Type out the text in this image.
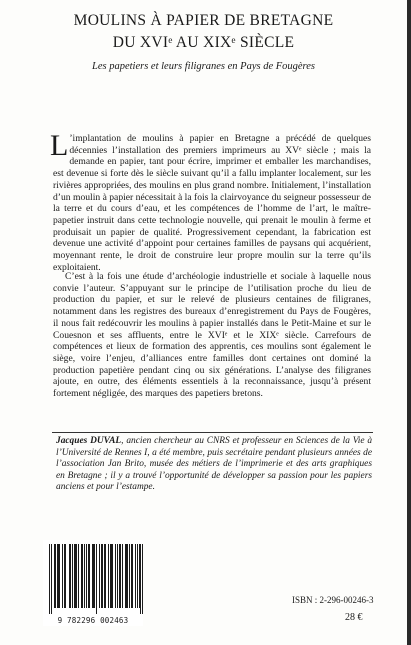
MOULINS À PAPIER DE BRETAGNE
DU XVIᵉ AU XIXᵉ SIÈCLE
Les papetiers et leurs filigranes en Pays de Fougères
L ’implantation de moulins à papier en Bretagne a précédé de quelques décennies l’installation des premiers imprimeurs au XVᵉ siècle ; mais la demande en papier, tant pour écrire, imprimer et emballer les marchandises, est devenue si forte dès le siècle suivant qu’il a fallu implanter localement, sur les rivières appropriées, des moulins en plus grand nombre. Initialement, l’installation d’un moulin à papier nécessitait à la fois la clairvoyance du seigneur possesseur de la terre et du cours d’eau, et les compétences de l’homme de l’art, le maître-papetier instruit dans cette technologie nouvelle, qui prenait le moulin à ferme et produisait un papier de qualité. Progressivement cependant, la fabrication est devenue une activité d’appoint pour certaines familles de paysans qui acquérient, moyennant rente, le droit de construire leur propre moulin sur la terre qu’ils exploitaient.
C’est à la fois une étude d’archéologie industrielle et sociale à laquelle nous convie l’auteur. S’appuyant sur le principe de l’utilisation proche du lieu de production du papier, et sur le relevé de plusieurs centaines de filigranes, notamment dans les registres des bureaux d’enregistrement du Pays de Fougères, il nous fait redécouvrir les moulins à papier installés dans le Petit-Maine et sur le Couesnon et ses affluents, entre le XVIᵉ et le XIXᵉ siècle. Carrefours de compétences et lieux de formation des apprentis, ces moulins sont également le siège, voire l’enjeu, d’alliances entre familles dont certaines ont dominé la production papetière pendant cinq ou six générations. L’analyse des filigranes ajoute, en outre, des éléments essentiels à la reconnaissance, jusqu’à présent fortement négligée, des marques des papetiers bretons.
Jacques DUVAL, ancien chercheur au CNRS et professeur en Sciences de la Vie à l’Université de Rennes I, a été membre, puis secrétaire pendant plusieurs années de l’association Jan Brito, musée des métiers de l’imprimerie et des arts graphiques en Bretagne ; il y a trouvé l’opportunité de développer sa passion pour les papiers anciens et pour l’estampe.
9 782296 002463
ISBN : 2-296-00246-3
28 €
